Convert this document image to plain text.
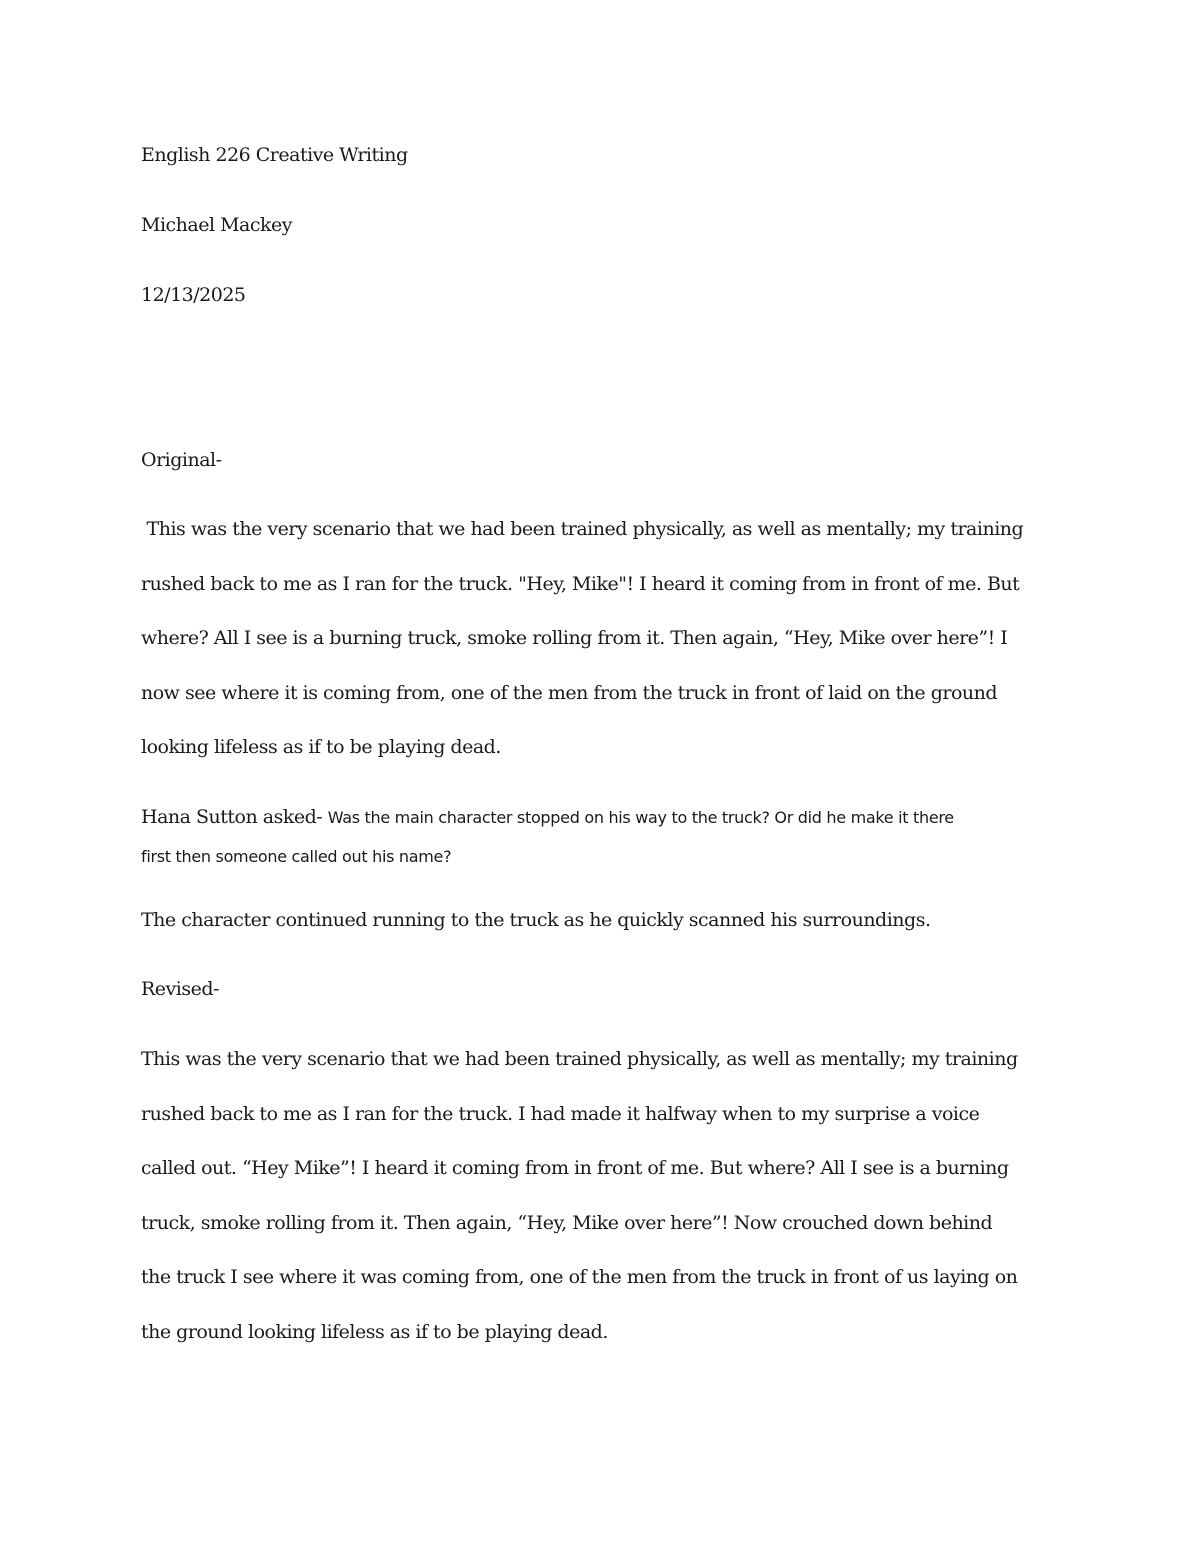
English 226 Creative Writing

Michael Mackey

12/13/2025

Original-

This was the very scenario that we had been trained physically, as well as mentally; my training
rushed back to me as I ran for the truck. "Hey, Mike"! I heard it coming from in front of me. But
where? All I see is a burning truck, smoke rolling from it. Then again, “Hey, Mike over here”! I
now see where it is coming from, one of the men from the truck in front of laid on the ground
looking lifeless as if to be playing dead.
Hana Sutton asked- Was the main character stopped on his way to the truck? Or did he make it there
first then someone called out his name?

The character continued running to the truck as he quickly scanned his surroundings.

Revised-

This was the very scenario that we had been trained physically, as well as mentally; my training
rushed back to me as I ran for the truck. I had made it halfway when to my surprise a voice
called out. “Hey Mike”! I heard it coming from in front of me. But where? All I see is a burning
truck, smoke rolling from it. Then again, “Hey, Mike over here”! Now crouched down behind
the truck I see where it was coming from, one of the men from the truck in front of us laying on
the ground looking lifeless as if to be playing dead.
